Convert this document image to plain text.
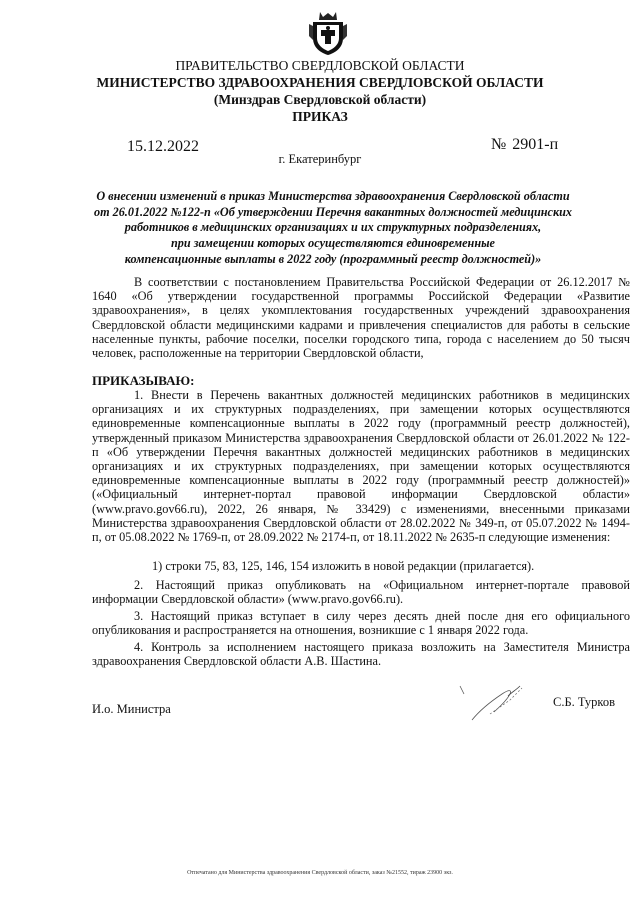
ПРАВИТЕЛЬСТВО СВЕРДЛОВСКОЙ ОБЛАСТИ
МИНИСТЕРСТВО ЗДРАВООХРАНЕНИЯ СВЕРДЛОВСКОЙ ОБЛАСТИ
(Минздрав Свердловской области)
ПРИКАЗ
15.12.2022	№ 2901-п
г. Екатеринбург
О внесении изменений в приказ Министерства здравоохранения Свердловской области
от 26.01.2022 №122-п «Об утверждении Перечня вакантных должностей медицинских
работников в медицинских организациях и их структурных подразделениях,
при замещении которых осуществляются единовременные
компенсационные выплаты в 2022 году (программный реестр должностей)»
В соответствии с постановлением Правительства Российской Федерации от 26.12.2017 № 1640 «Об утверждении государственной программы Российской Федерации «Развитие здравоохранения», в целях укомплектования государственных учреждений здравоохранения Свердловской области медицинскими кадрами и привлечения специалистов для работы в сельские населенные пункты, рабочие поселки, поселки городского типа, города с населением до 50 тысяч человек, расположенные на территории Свердловской области,
ПРИКАЗЫВАЮ:
1. Внести в Перечень вакантных должностей медицинских работников в медицинских организациях и их структурных подразделениях, при замещении которых осуществляются единовременные компенсационные выплаты в 2022 году (программный реестр должностей), утвержденный приказом Министерства здравоохранения Свердловской области от 26.01.2022 № 122-п «Об утверждении Перечня вакантных должностей медицинских работников в медицинских организациях и их структурных подразделениях, при замещении которых осуществляются единовременные компенсационные выплаты в 2022 году (программный реестр должностей)» («Официальный интернет-портал правовой информации Свердловской области» (www.pravo.gov66.ru), 2022, 26 января, № 33429) с изменениями, внесенными приказами Министерства здравоохранения Свердловской области от 28.02.2022 № 349-п, от 05.07.2022 № 1494-п, от 05.08.2022 № 1769-п, от 28.09.2022 № 2174-п, от 18.11.2022 № 2635-п следующие изменения:
1) строки 75, 83, 125, 146, 154 изложить в новой редакции (прилагается).
2. Настоящий приказ опубликовать на «Официальном интернет-портале правовой информации Свердловской области» (www.pravo.gov66.ru).
3. Настоящий приказ вступает в силу через десять дней после дня его официального опубликования и распространяется на отношения, возникшие с 1 января 2022 года.
4. Контроль за исполнением настоящего приказа возложить на Заместителя Министра здравоохранения Свердловской области А.В. Шастина.
И.о. Министра	С.Б. Турков
Отпечатано для Министерства здравоохранения Свердловской области, заказ №21552, тираж 23900 экз.
